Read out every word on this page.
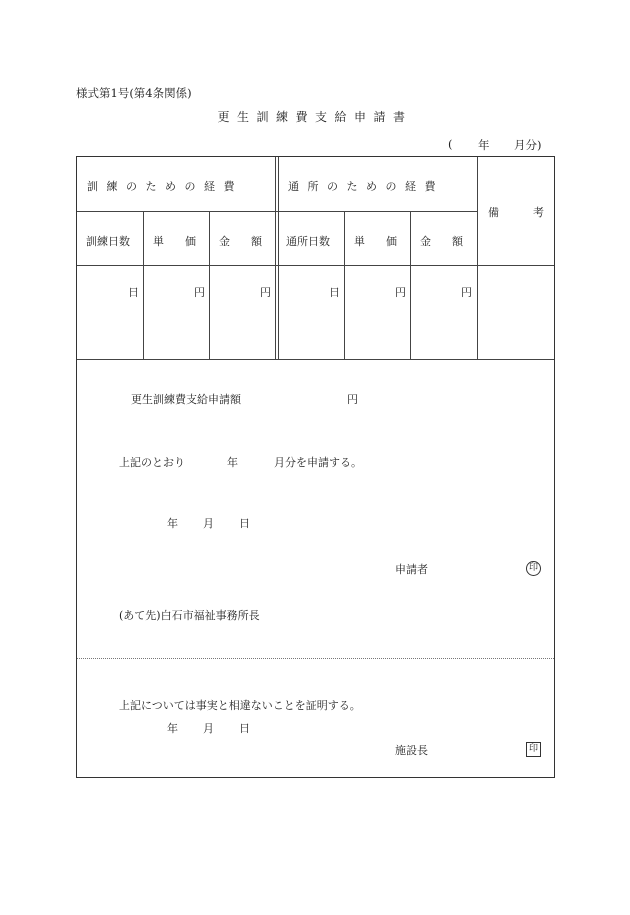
様式第1号(第4条関係)
更生訓練費支給申請書
( 年 月分)
訓練のための経費	通所のための経費
備考
訓練日数 単価 金額 通所日数 単価 金額
日	円	円	日	円	円
更生訓練費支給申請額	円
上記のとおり	年	月分を申請する。
年 月 日
申請者	印
(あて先)白石市福祉事務所長
上記については事実と相違ないことを証明する。
年 月 日
施設長	印
